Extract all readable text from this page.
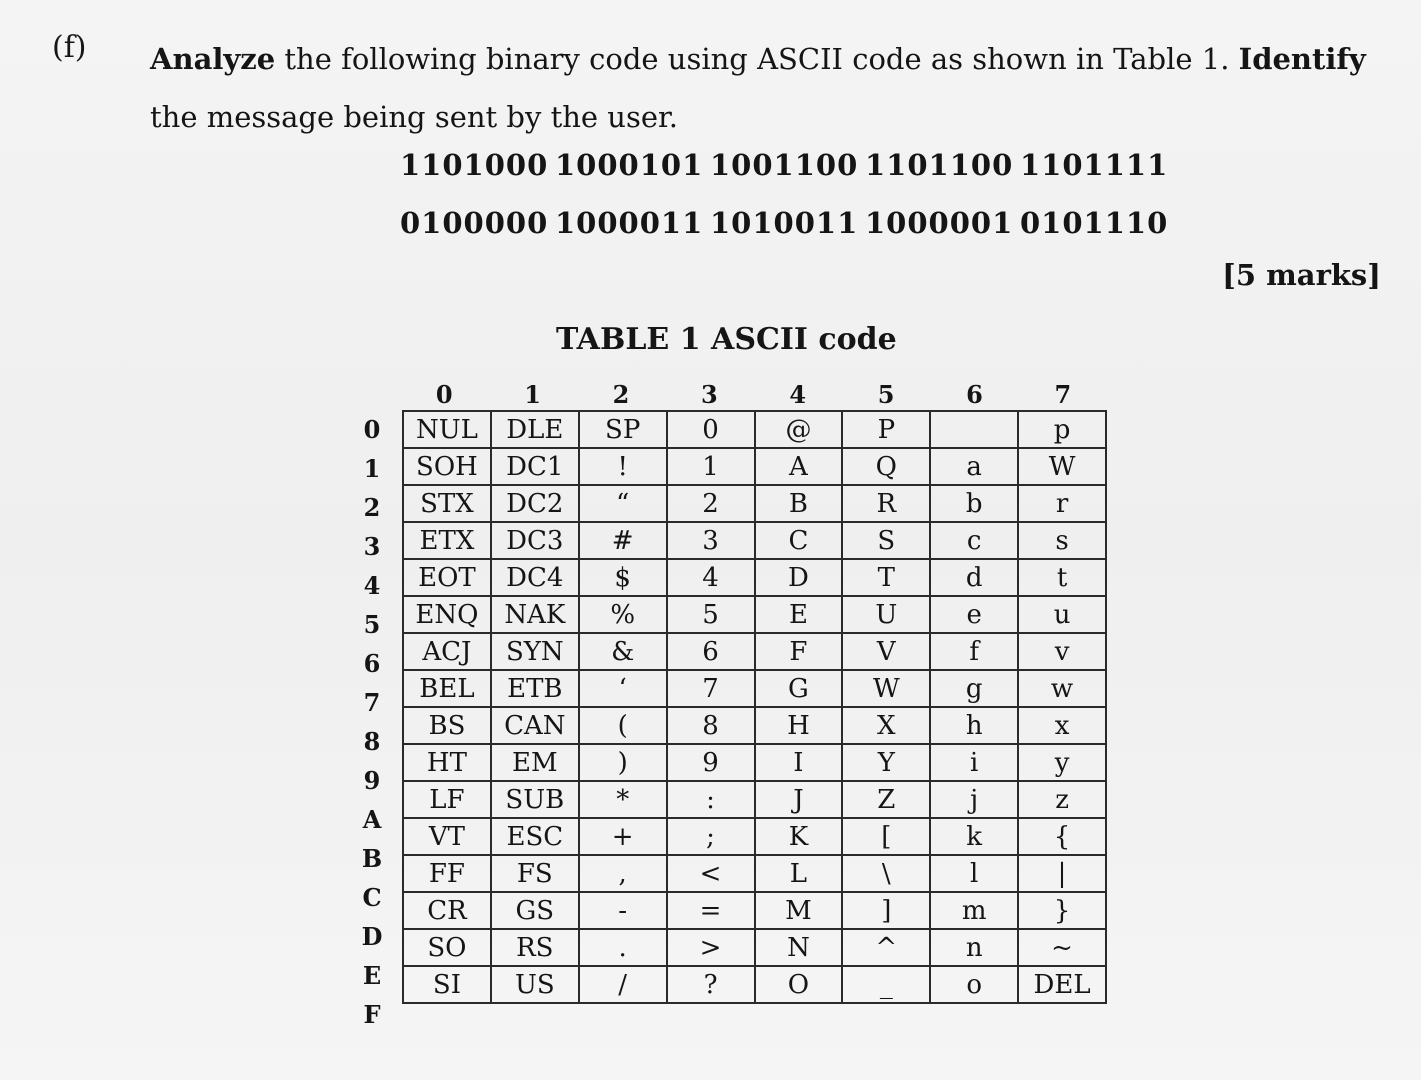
(f) Analyze the following binary code using ASCII code as shown in Table 1. Identify the message being sent by the user.
1101000 1000101 1001100 1101100 1101111
0100000 1000011 1010011 1000001 0101110
[5 marks]
TABLE 1 ASCII code
0	1	2	3	4	5	6	7
0
1
2
3
4
5
6
7
8
9
A
B
C
D
E
F
NUL	DLE	SP	0	@	P		p
SOH	DC1	!	1	A	Q	a	W
STX	DC2	“	2	B	R	b	r
ETX	DC3	#	3	C	S	c	s
EOT	DC4	$	4	D	T	d	t
ENQ	NAK	%	5	E	U	e	u
ACJ	SYN	&	6	F	V	f	v
BEL	ETB	‘	7	G	W	g	w
BS	CAN	(	8	H	X	h	x
HT	EM	)	9	I	Y	i	y
LF	SUB	*	:	J	Z	j	z
VT	ESC	+	;	K	[	k	{
FF	FS	,	<	L	\	l	|
CR	GS	-	=	M	]	m	}
SO	RS	.	>	N	^	n	~
SI	US	/	?	O	_	o	DEL
